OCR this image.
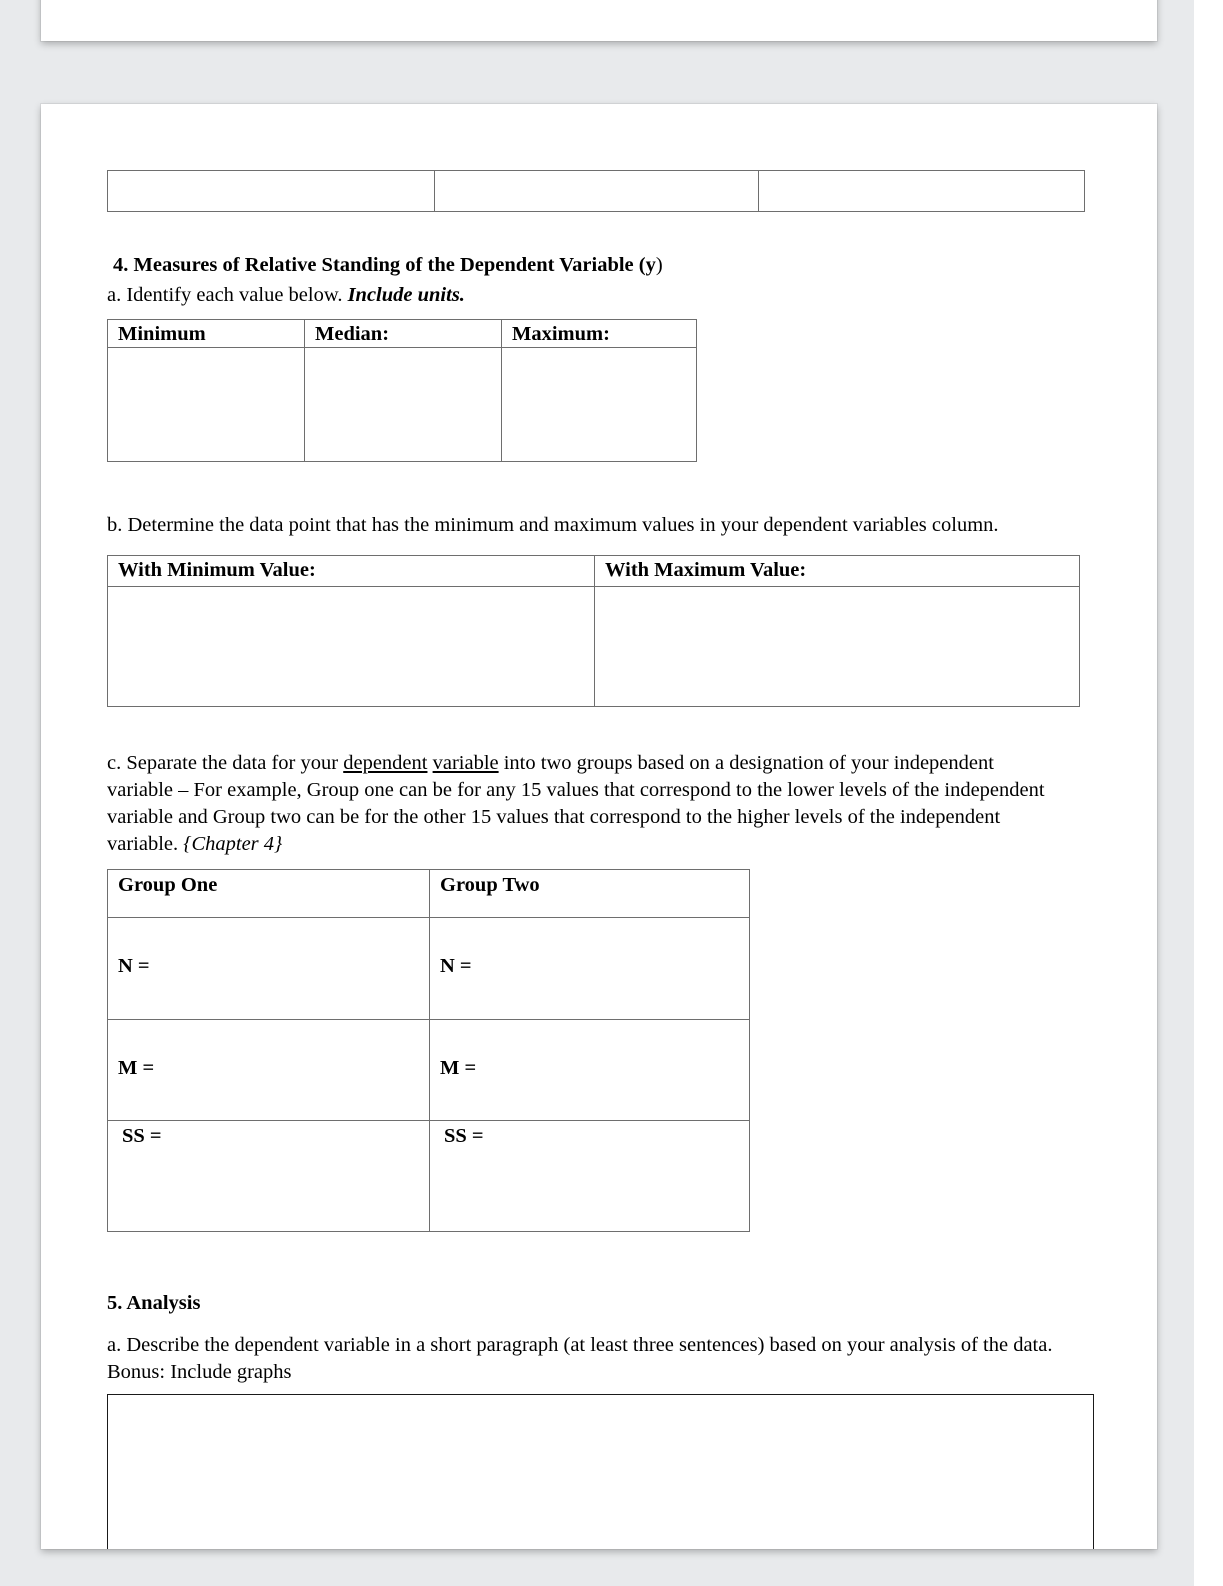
4. Measures of Relative Standing of the Dependent Variable (y)
a. Identify each value below. Include units.
Minimum	Median:	Maximum:

b. Determine the data point that has the minimum and maximum values in your dependent variables column.
With Minimum Value:	With Maximum Value:

c. Separate the data for your dependent variable into two groups based on a designation of your independent variable – For example, Group one can be for any 15 values that correspond to the lower levels of the independent variable and Group two can be for the other 15 values that correspond to the higher levels of the independent variable. {Chapter 4}
Group One	Group Two

N =	N =

M =	M =

SS =	SS =
5. Analysis
a. Describe the dependent variable in a short paragraph (at least three sentences) based on your analysis of the data. Bonus: Include graphs
